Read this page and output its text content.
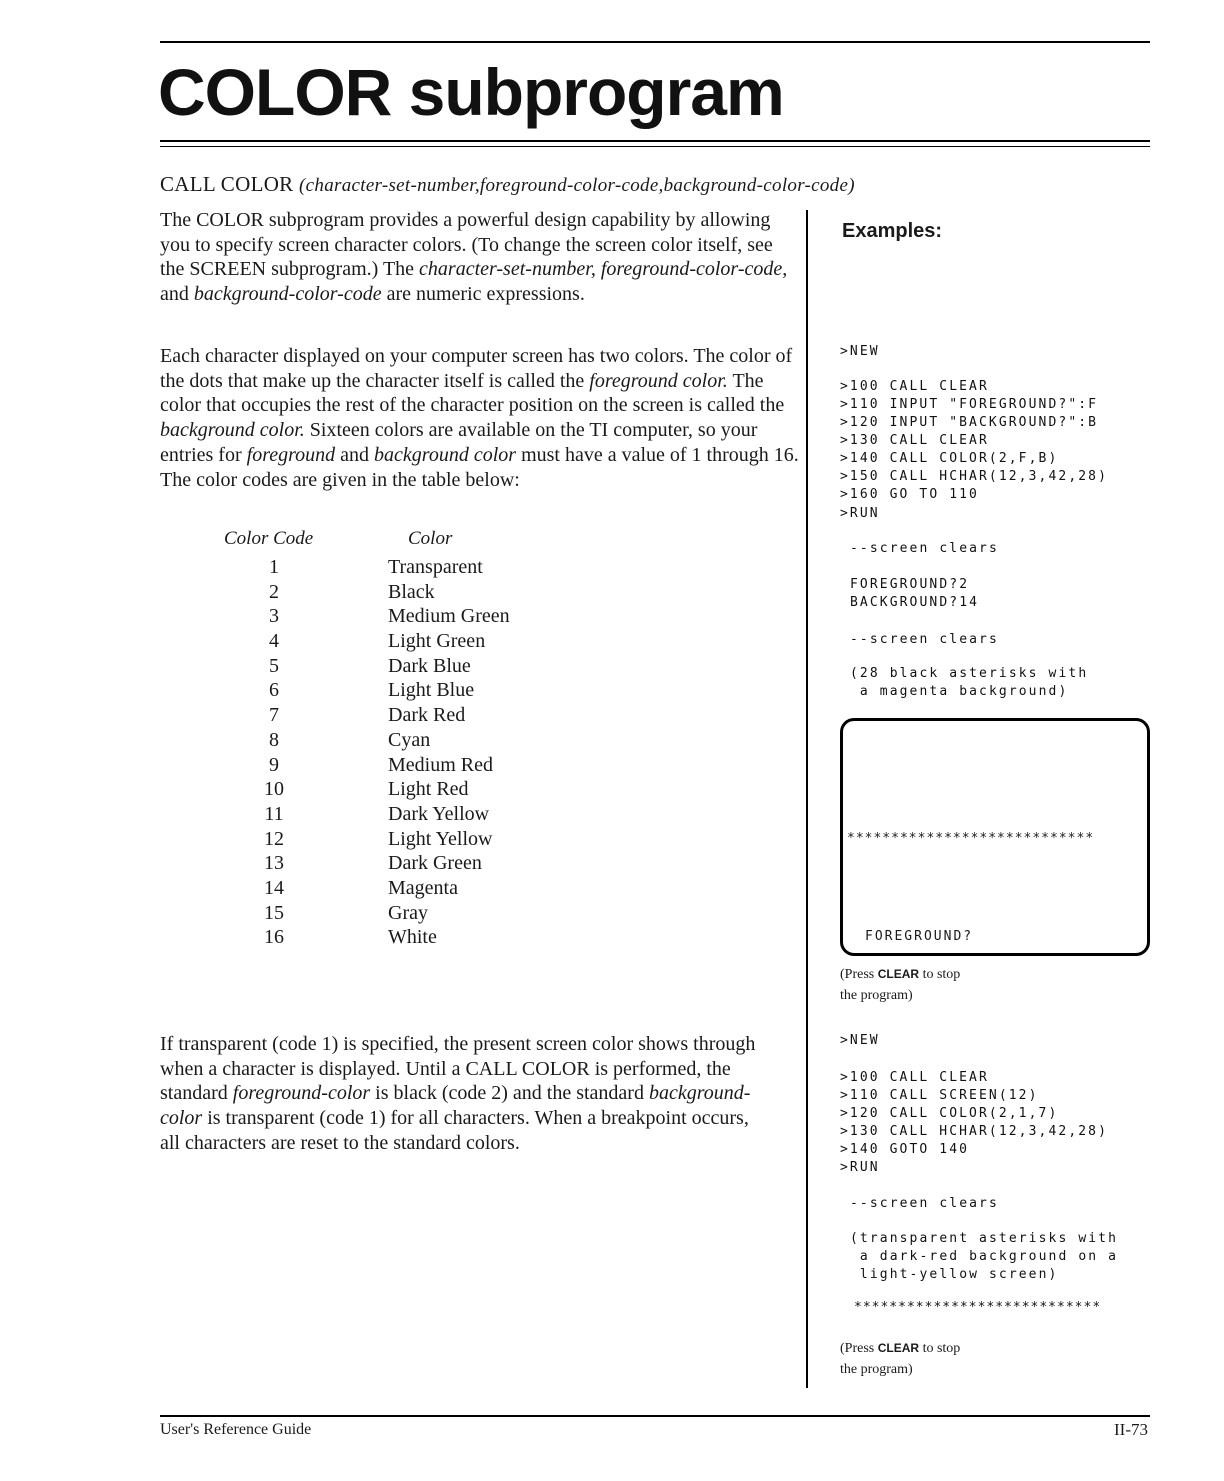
COLOR subprogram
CALL COLOR (character-set-number,foreground-color-code,background-color-code)

The COLOR subprogram provides a powerful design capability by allowing you to specify screen character colors. (To change the screen color itself, see the SCREEN subprogram.) The character-set-number, foreground-color-code, and background-color-code are numeric expressions.

Each character displayed on your computer screen has two colors. The color of the dots that make up the character itself is called the foreground color. The color that occupies the rest of the character position on the screen is called the background color. Sixteen colors are available on the TI computer, so your entries for foreground and background color must have a value of 1 through 16. The color codes are given in the table below:

Color Code	Color
1	Transparent
2	Black
3	Medium Green
4	Light Green
5	Dark Blue
6	Light Blue
7	Dark Red
8	Cyan
9	Medium Red
10	Light Red
11	Dark Yellow
12	Light Yellow
13	Dark Green
14	Magenta
15	Gray
16	White

If transparent (code 1) is specified, the present screen color shows through when a character is displayed. Until a CALL COLOR is performed, the standard foreground-color is black (code 2) and the standard background-color is transparent (code 1) for all characters. When a breakpoint occurs, all characters are reset to the standard colors.

Examples:
>NEW
>100 CALL CLEAR
>110 INPUT "FOREGROUND?":F
>120 INPUT "BACKGROUND?":B
>130 CALL CLEAR
>140 CALL COLOR(2,F,B)
>150 CALL HCHAR(12,3,42,28)
>160 GO TO 110
>RUN
--screen clears
FOREGROUND?2
BACKGROUND?14
--screen clears
(28 black asterisks with
a magenta background)
****************************
FOREGROUND?
(Press CLEAR to stop
the program)
>NEW
>100 CALL CLEAR
>110 CALL SCREEN(12)
>120 CALL COLOR(2,1,7)
>130 CALL HCHAR(12,3,42,28)
>140 GOTO 140
>RUN
--screen clears
(transparent asterisks with
a dark-red background on a
light-yellow screen)
****************************
(Press CLEAR to stop
the program)
User's Reference Guide	II-73
